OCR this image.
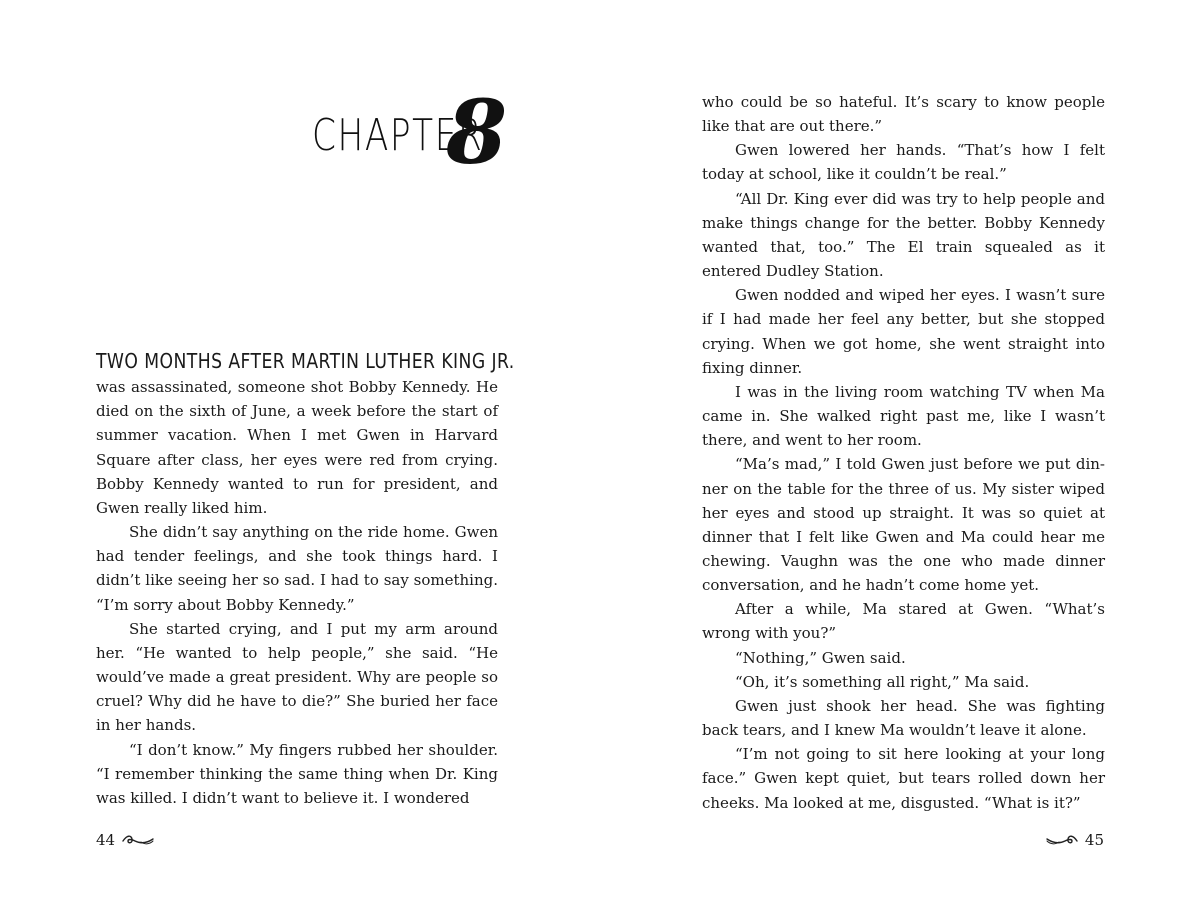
CHAPTER
8

TWO MONTHS AFTER MARTIN LUTHER KING JR.
was assassinated, someone shot Bobby Kennedy. He died on the sixth of June, a week before the start of summer vacation. When I met Gwen in Harvard Square after class, her eyes were red from crying. Bobby Kennedy wanted to run for president, and Gwen really liked him.

She didn’t say anything on the ride home. Gwen had tender feelings, and she took things hard. I didn’t like seeing her so sad. I had to say something. “I’m sorry about Bobby Kennedy.”

She started crying, and I put my arm around her. “He wanted to help people,” she said. “He would’ve made a great president. Why are people so cruel? Why did he have to die?” She buried her face in her hands.

“I don’t know.” My fingers rubbed her shoulder. “I remember thinking the same thing when Dr. King was killed. I didn’t want to believe it. I wondered

44

who could be so hateful. It’s scary to know people like that are out there.”

Gwen lowered her hands. “That’s how I felt today at school, like it couldn’t be real.”

“All Dr. King ever did was try to help people and make things change for the better. Bobby Kennedy wanted that, too.” The El train squealed as it entered Dudley Station.

Gwen nodded and wiped her eyes. I wasn’t sure if I had made her feel any better, but she stopped crying. When we got home, she went straight into fixing dinner.

I was in the living room watching TV when Ma came in. She walked right past me, like I wasn’t there, and went to her room.

“Ma’s mad,” I told Gwen just before we put dinner on the table for the three of us. My sister wiped her eyes and stood up straight. It was so quiet at dinner that I felt like Gwen and Ma could hear me chewing. Vaughn was the one who made dinner conversation, and he hadn’t come home yet.

After a while, Ma stared at Gwen. “What’s wrong with you?”

“Nothing,” Gwen said.

“Oh, it’s something all right,” Ma said.

Gwen just shook her head. She was fighting back tears, and I knew Ma wouldn’t leave it alone.

“I’m not going to sit here looking at your long face.” Gwen kept quiet, but tears rolled down her cheeks. Ma looked at me, disgusted. “What is it?”

45
